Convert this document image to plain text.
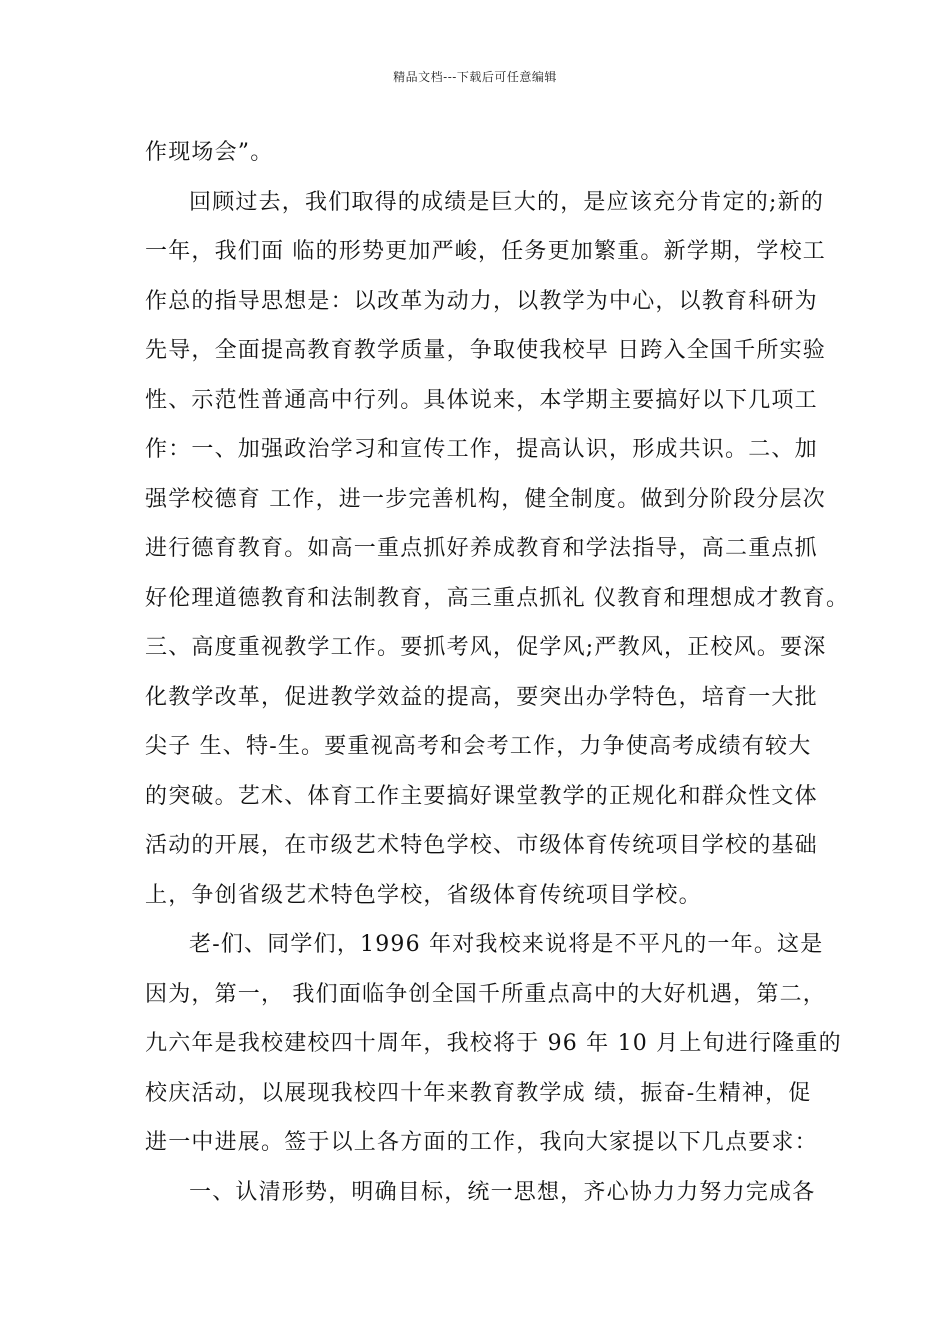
精品文档---下载后可任意编辑
作现场会”。
回顾过去，我们取得的成绩是巨大的，是应该充分肯定的;新的
一年，我们面 临的形势更加严峻，任务更加繁重。新学期，学校工
作总的指导思想是：以改革为动力，以教学为中心，以教育科研为
先导，全面提高教育教学质量，争取使我校早 日跨入全国千所实验
性、示范性普通高中行列。具体说来，本学期主要搞好以下几项工
作：一、加强政治学习和宣传工作，提高认识，形成共识。二、加
强学校德育 工作，进一步完善机构，健全制度。做到分阶段分层次
进行德育教育。如高一重点抓好养成教育和学法指导，高二重点抓
好伦理道德教育和法制教育，高三重点抓礼 仪教育和理想成才教育。
三、高度重视教学工作。要抓考风，促学风;严教风，正校风。要深
化教学改革，促进教学效益的提高，要突出办学特色，培育一大批
尖子 生、特-生。要重视高考和会考工作，力争使高考成绩有较大
的突破。艺术、体育工作主要搞好课堂教学的正规化和群众性文体
活动的开展，在市级艺术特色学校、市级体育传统项目学校的基础
上，争创省级艺术特色学校，省级体育传统项目学校。
老-们、同学们，1996 年对我校来说将是不平凡的一年。这是
因为，第一， 我们面临争创全国千所重点高中的大好机遇，第二，
九六年是我校建校四十周年，我校将于 96 年 10 月上旬进行隆重的
校庆活动，以展现我校四十年来教育教学成 绩，振奋-生精神，促
进一中进展。签于以上各方面的工作，我向大家提以下几点要求：
一、认清形势，明确目标，统一思想，齐心协力力努力完成各
